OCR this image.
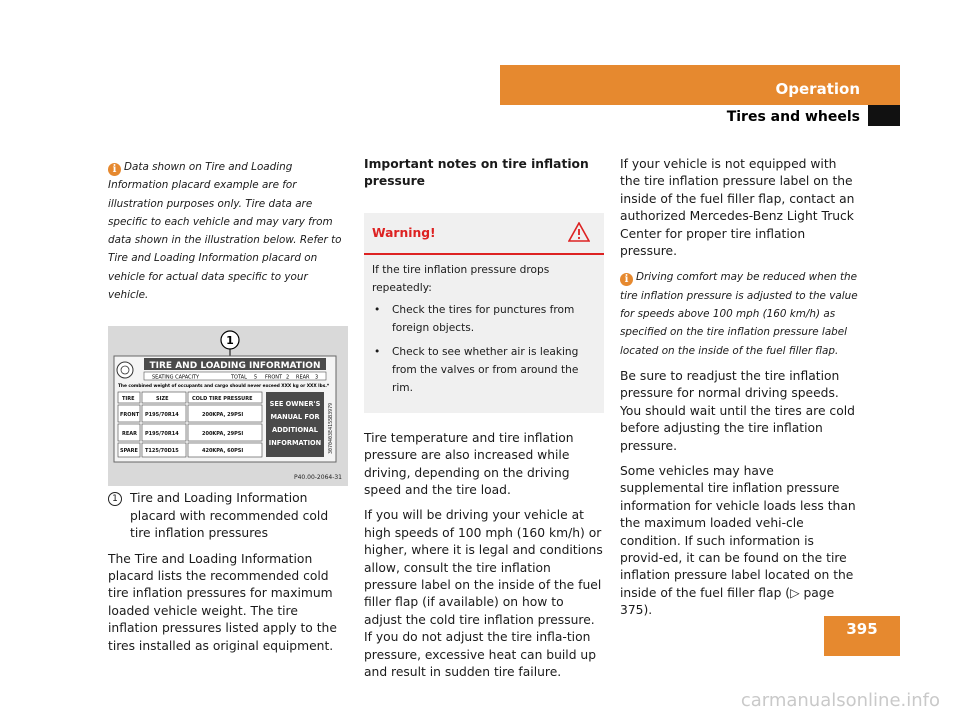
Operation
Tires and wheels
i Data shown on Tire and Loading Information placard example are for illustration purposes only. Tire data are specific to each vehicle and may vary from data shown in the illustration below. Refer to Tire and Loading Information placard on vehicle for actual data specific to your vehicle.
1
TIRE AND LOADING INFORMATION
SEATING CAPACITY	TOTAL 5 FRONT 2 REAR 3
The combined weight of occupants and cargo should never exceed XXX kg or XXX lbs.*
TIRE	SIZE	COLD TIRE PRESSURE
FRONT P195/70R14	200KPA, 29PSI
REAR P195/70R14	200KPA, 29PSI
SPARE T125/70D15	420KPA, 60PSI
SEE OWNER'S
MANUAL FOR
ADDITIONAL
INFORMATION 3070403E4155B3979
P40.00-2064-31
1 Tire and Loading Information placard with recommended cold tire inflation pressures

The Tire and Loading Information placard lists the recommended cold tire inflation pressures for maximum loaded vehicle weight. The tire inflation pressures listed apply to the tires installed as original equipment.

Important notes on tire inflation pressure
Warning!
If the tire inflation pressure drops repeatedly:
• Check the tires for punctures from foreign objects.
• Check to see whether air is leaking from the valves or from around the rim.

Tire temperature and tire inflation pressure are also increased while driving, depending on the driving speed and the tire load.

If you will be driving your vehicle at high speeds of 100 mph (160 km/h) or higher, where it is legal and conditions allow, consult the tire inflation pressure label on the inside of the fuel filler flap (if available) on how to adjust the cold tire inflation pressure. If you do not adjust the tire infla-tion pressure, excessive heat can build up and result in sudden tire failure.

If your vehicle is not equipped with the tire inflation pressure label on the inside of the fuel filler flap, contact an authorized Mercedes-Benz Light Truck Center for proper tire inflation pressure.

i Driving comfort may be reduced when the tire inflation pressure is adjusted to the value for speeds above 100 mph (160 km/h) as specified on the tire inflation pressure label located on the inside of the fuel filler flap.

Be sure to readjust the tire inflation pressure for normal driving speeds. You should wait until the tires are cold before adjusting the tire inflation pressure.

Some vehicles may have supplemental tire inflation pressure information for vehicle loads less than the maximum loaded vehi-cle condition. If such information is provid-ed, it can be found on the tire inflation pressure label located on the inside of the fuel filler flap (▷ page 375).

395
carmanualsonline.info
